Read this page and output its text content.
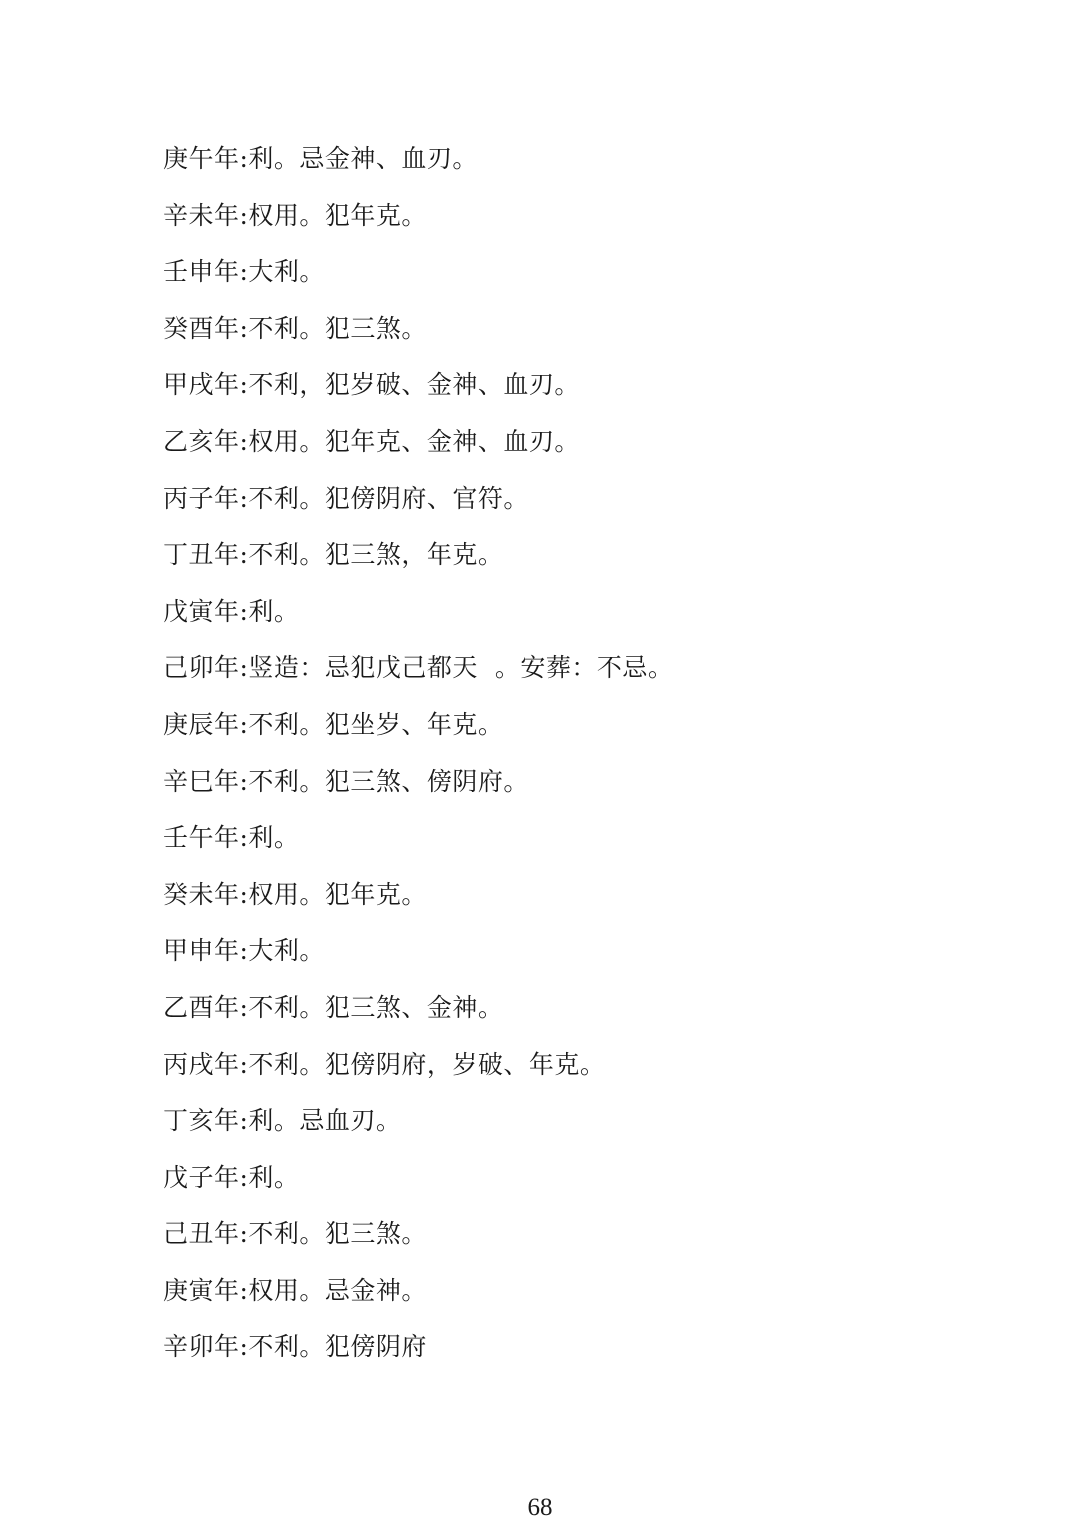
庚午年:利。忌金神、血刃。
辛未年:权用。犯年克。
壬申年:大利。
癸酉年:不利。犯三煞。
甲戌年:不利，犯岁破、金神、血刃。
乙亥年:权用。犯年克、金神、血刃。
丙子年:不利。犯傍阴府、官符。
丁丑年:不利。犯三煞，年克。
戊寅年:利。
己卯年:竖造：忌犯戊己都天  。安葬：不忌。
庚辰年:不利。犯坐岁、年克。
辛巳年:不利。犯三煞、傍阴府。
壬午年:利。
癸未年:权用。犯年克。
甲申年:大利。
乙酉年:不利。犯三煞、金神。
丙戌年:不利。犯傍阴府，岁破、年克。
丁亥年:利。忌血刃。
戊子年:利。
己丑年:不利。犯三煞。
庚寅年:权用。忌金神。
辛卯年:不利。犯傍阴府
68
